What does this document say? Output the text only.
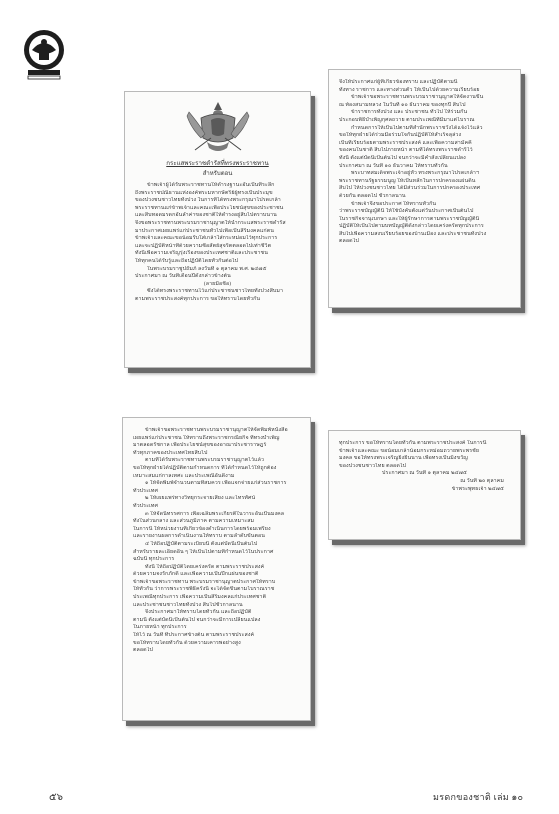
กระแสพระราชดำรัสที่ทรงพระราชทาน
สำหรับตอน
ข้าพเจ้าผู้ได้รับพระราชทานให้ดำรงฐานะอันเป็นที่ระลึก
ถึงพระราชปณิธานแห่งองค์พระมหากษัตริย์ผู้ทรงเป็นประมุข
ของปวงชนชาวไทยทั้งปวง ในการที่ได้ทรงพระกรุณาโปรดเกล้า
พระราชทานแก่ข้าพเจ้าและคณะเพื่อประโยชน์สุขของประชาชน
และสืบทอดมรดกอันล้ำค่าของชาติให้ดำรงอยู่สืบไปตราบนาน
จึงขอพระราชทานพระบรมราชานุญาตให้นำกระแสพระราชดำรัส
มาประกาศเผยแพร่แก่ประชาชนทั่วไปเพื่อเป็นสิริมงคลแก่ตน
ข้าพเจ้าและคณะขอน้อมรับใส่เกล้าใส่กระหม่อมไว้ทุกประการ
และจะปฏิบัติหน้าที่ด้วยความซื่อสัตย์สุจริตตลอดไปเท่าชีวิต
ทั้งนี้เพื่อความเจริญรุ่งเรืองของประเทศชาติและประชาชน
ให้ทุกคนได้รับรู้และถือปฏิบัติโดยทั่วกันต่อไป
ในพระบรมราชูปถัมภ์ ลงวันที่ ๑ ตุลาคม พ.ศ. ๒๔๗๕
ประกาศมา ณ วันที่เดือนปีดังกล่าวข้างต้น
(ลายมือชื่อ)
ซึ่งได้ทรงพระราชทานไว้แก่ประชาชนชาวไทยทั้งปวงสืบมา
ตามพระราชประสงค์ทุกประการ ขอให้ทราบโดยทั่วกัน
จึงให้ประกาศแก่ผู้ที่เกี่ยวข้องทราบ และปฏิบัติตามนี้
ทั้งทาง ราชการ และทางส่วนตัว ให้เป็นไปด้วยความเรียบร้อย
ข้าพเจ้าขอพระราชทานพระบรมราชานุญาตให้จัดงานขึ้น
ณ ท้องสนามหลวง ในวันที่ ๑๐ ธันวาคม ของทุกปี สืบไป
ข้าราชการทั้งปวง และ ประชาชน ทั่วไป ให้ร่วมกัน
ประกอบพิธีบำเพ็ญกุศลถวาย ตามประเพณีที่มีมาแต่โบราณ
กำหนดการให้เป็นไปตามที่สำนักพระราชวังได้แจ้งไว้แล้ว
ขอให้ทุกฝ่ายได้ร่วมมือร่วมใจกันปฏิบัติให้สำเร็จลุล่วง
เป็นที่เรียบร้อยตามพระราชประสงค์ และเพื่อความสามัคคี
ของคนในชาติ สืบไปภายหน้า ตามที่ได้ทรงพระราชดำริไว้
ทั้งนี้ ตั้งแต่บัดนี้เป็นต้นไป จนกว่าจะมีคำสั่งเปลี่ยนแปลง
ประกาศมา ณ วันที่ ๑๐ ธันวาคม ให้ทราบทั่วกัน
พระบาทสมเด็จพระเจ้าอยู่หัว ทรงพระกรุณาโปรดเกล้าฯ
พระราชทานรัฐธรรมนูญ ให้เป็นหลักในการปกครองแผ่นดิน
สืบไป ให้ปวงชนชาวไทย ได้มีส่วนร่วมในการปกครองประเทศ
ด้วยกัน ตลอดไป ชั่วกาลนาน
ข้าพเจ้าจึงขอประกาศ ให้ทราบทั่วกัน
ว่าพระราชบัญญัตินี้ ให้ใช้บังคับตั้งแต่วันประกาศเป็นต้นไป
ในราชกิจจานุเบกษา และให้ผู้รักษาการตามพระราชบัญญัตินี้
ปฏิบัติให้เป็นไปตามบทบัญญัติดังกล่าวโดยเคร่งครัดทุกประการ
สืบไปเพื่อความสงบเรียบร้อยของบ้านเมือง และประชาชนทั้งปวง
ตลอดไป
ข้าพเจ้าขอพระราชทานพระบรมราชานุญาตให้จัดพิมพ์หนังสือ
เผยแพร่แก่ประชาชน ให้ทราบถึงพระราชกรณียกิจ ที่ทรงบำเพ็ญ
มาตลอดรัชกาล เพื่อประโยชน์สุขของอาณาประชาราษฎร์
ทั่วทุกภาคของประเทศไทยสืบไป
ตามที่ได้รับพระราชทานพระบรมราชานุญาตไว้แล้ว
ขอให้ทุกฝ่ายได้ปฏิบัติตามกำหนดการ ที่ได้กำหนดไว้ให้ถูกต้อง
เหมาะสมแก่กาลเทศะ และประเพณีอันดีงาม
๑ ให้จัดพิมพ์จำนวนตามที่สมควร เพื่อแจกจ่ายแก่ส่วนราชการ
ทั่วประเทศ
๒ ให้เผยแพร่ทางวิทยุกระจายเสียง และโทรทัศน์
ทั่วประเทศ
๓ ให้จัดนิทรรศการ เพื่อเฉลิมพระเกียรติในวาระอันเป็นมงคล
ทั้งในส่วนกลาง และส่วนภูมิภาค ตามความเหมาะสม
ในการนี้ ให้หน่วยงานที่เกี่ยวข้องดำเนินการโดยพร้อมเพรียง
และรายงานผลการดำเนินงานให้ทราบ ตามลำดับขั้นตอน
๔ ให้ถือปฏิบัติตามระเบียบนี้ ตั้งแต่บัดนี้เป็นต้นไป
สำหรับรายละเอียดอื่น ๆ ให้เป็นไปตามที่กำหนดไว้ในประกาศ
ฉบับนี้ ทุกประการ
ทั้งนี้ ให้ถือปฏิบัติโดยเคร่งครัด ตามพระราชประสงค์
ด้วยความจงรักภักดี และเพื่อความเป็นปึกแผ่นของชาติ
ข้าพเจ้าขอพระราชทาน พระบรมราชานุญาตประกาศให้ทราบ
ให้ทั่วกัน ว่าการพระราชพิธีครั้งนี้ จะได้จัดขึ้นตามโบราณราช
ประเพณีทุกประการ เพื่อความเป็นสิริมงคลแก่ประเทศชาติ
และประชาชนชาวไทยทั้งปวง สืบไปชั่วกาลนาน
จึงประกาศมาให้ทราบโดยทั่วกัน และถือปฏิบัติ
ตามนี้ ตั้งแต่บัดนี้เป็นต้นไป จนกว่าจะมีการเปลี่ยนแปลง
ในภายหน้า ทุกประการ
ให้ไว้ ณ วันที่ ที่ประกาศข้างต้น ตามพระราชประสงค์
ขอให้ทราบโดยทั่วกัน ด้วยความเคารพอย่างสูง
ตลอดไป
ทุกประการ ขอให้ทราบโดยทั่วกัน ตามพระราชประสงค์ ในการนี้
ข้าพเจ้าและคณะ ขอน้อมเกล้าน้อมกระหม่อมถวายพระพรชัย
มงคล ขอให้ทรงพระเจริญยิ่งยืนนาน เพื่อทรงเป็นมิ่งขวัญ
ของปวงชนชาวไทย ตลอดไป
ประกาศมา ณ วันที่ ๑ ตุลาคม ๒๔๗๕
ณ วันที่ ๒๐ ตุลาคม
ข้าพระพุทธเจ้า ๒๔๗๕
๕๖	มรดกของชาติ เล่ม ๑๐
